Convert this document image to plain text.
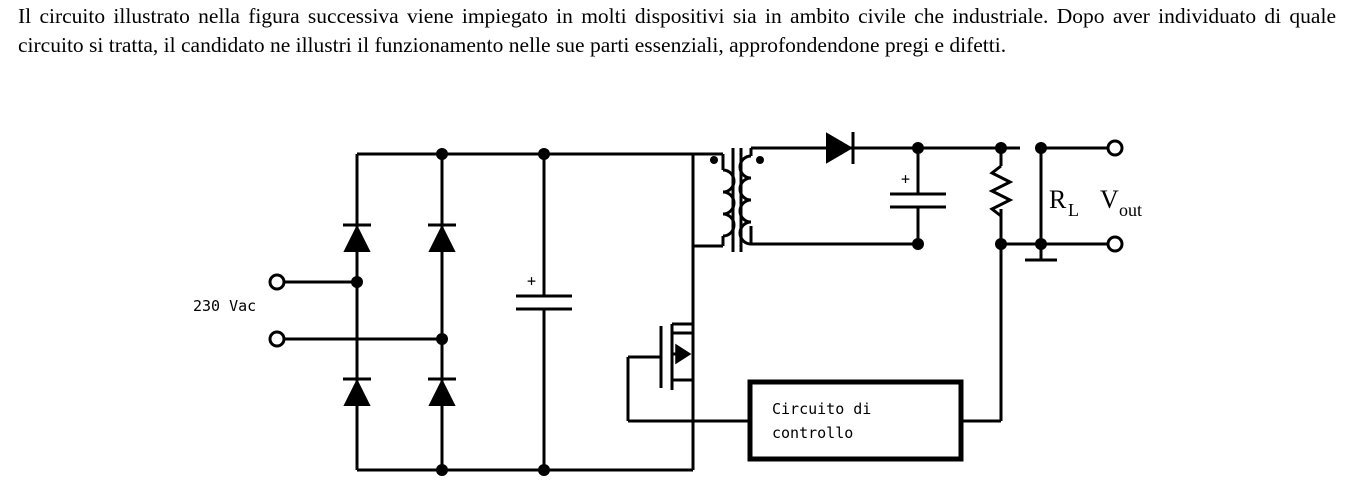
Il circuito illustrato nella figura successiva viene impiegato in molti dispositivi sia in ambito civile che industriale. Dopo aver individuato di quale circuito si tratta, il candidato ne illustri il funzionamento nelle sue parti essenziali, approfondendone pregi e difetti.
230 Vac
+
+
R L V out
Circuito di
controllo
